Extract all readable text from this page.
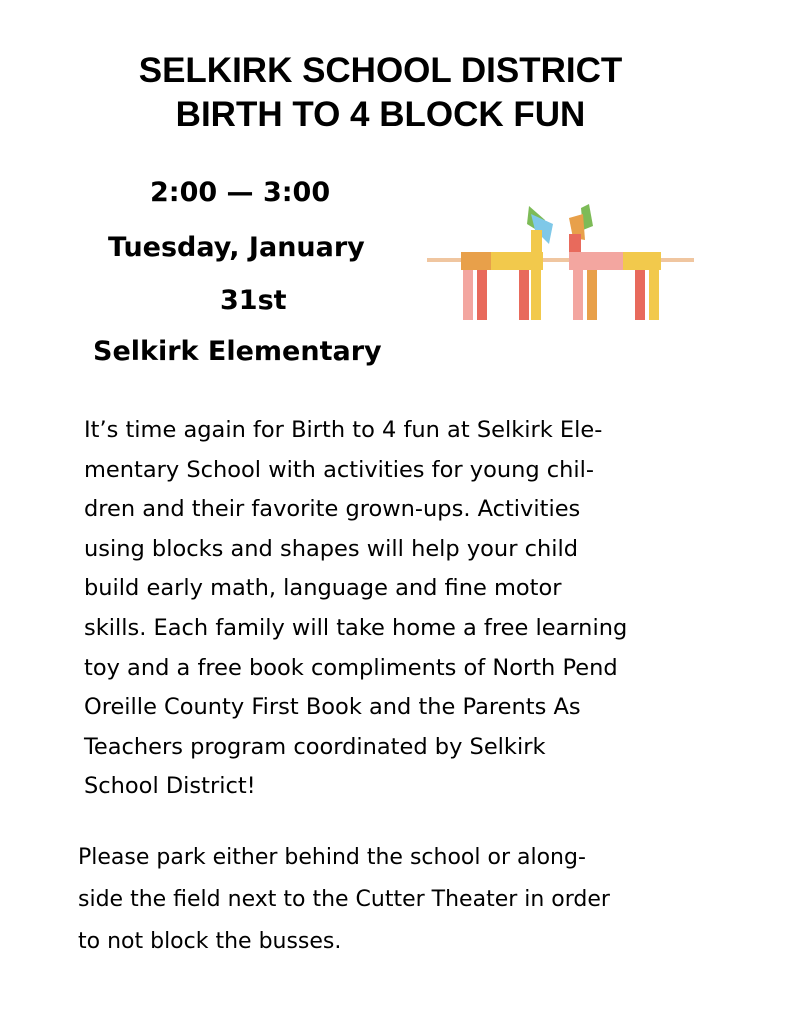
SELKIRK SCHOOL DISTRICT
BIRTH TO 4 BLOCK FUN
2:00 — 3:00
Tuesday, January
31st
Selkirk Elementary
It’s time again for Birth to 4 fun at Selkirk Ele-
mentary School with activities for young chil-
dren and their favorite grown-ups. Activities
using blocks and shapes will help your child
build early math, language and fine motor
skills. Each family will take home a free learning
toy and a free book compliments of North Pend
Oreille County First Book and the Parents As
Teachers program coordinated by Selkirk
School District!
Please park either behind the school or along-
side the field next to the Cutter Theater in order
to not block the busses.
